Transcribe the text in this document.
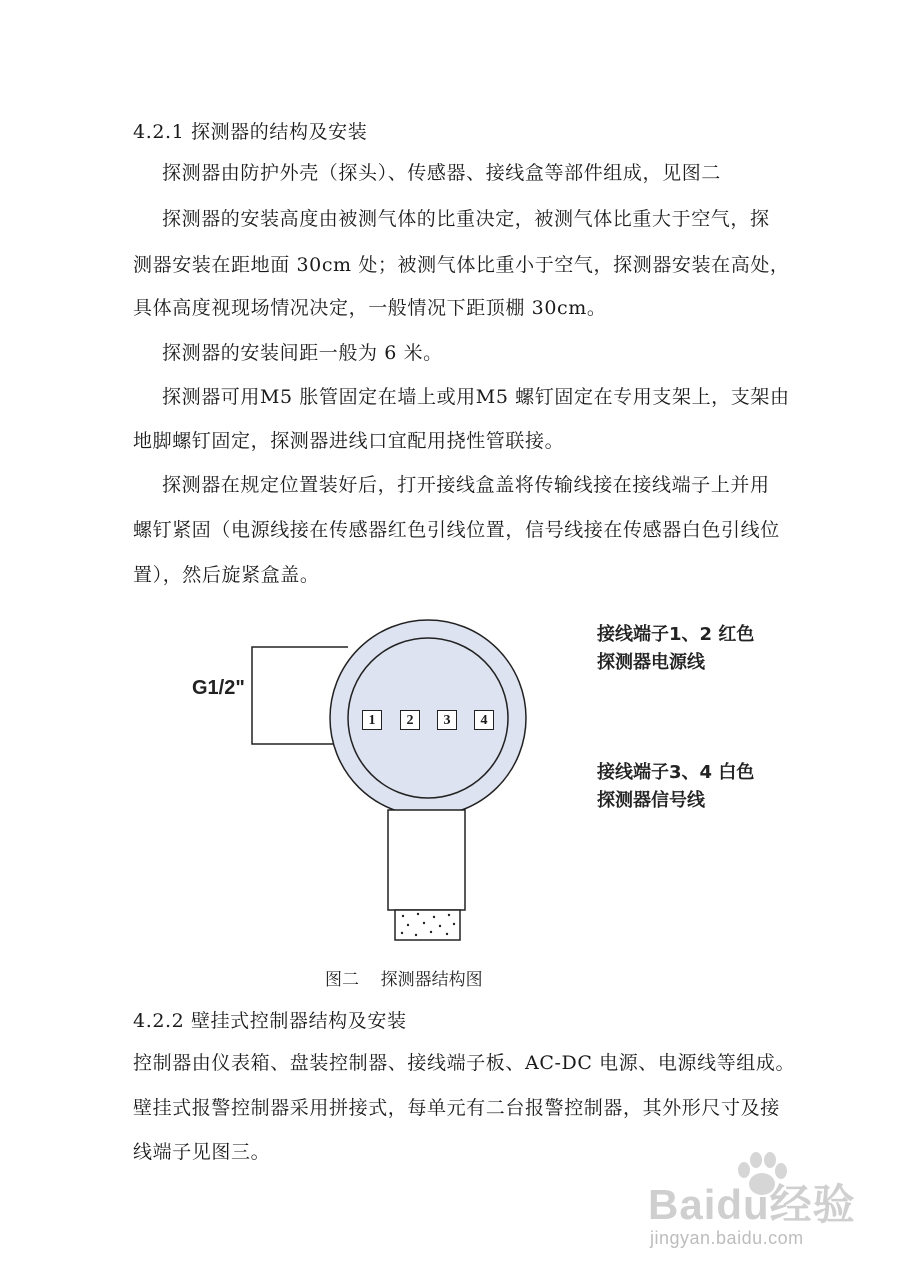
4.2.1 探测器的结构及安装
探测器由防护外壳（探头）、传感器、接线盒等部件组成，见图二
探测器的安装高度由被测气体的比重决定，被测气体比重大于空气，探
测器安装在距地面 30cm 处；被测气体比重小于空气，探测器安装在高处，
具体高度视现场情况决定，一般情况下距顶棚 30cm。
探测器的安装间距一般为 6 米。
探测器可用M5 胀管固定在墙上或用M5 螺钉固定在专用支架上，支架由
地脚螺钉固定，探测器进线口宜配用挠性管联接。
探测器在规定位置装好后，打开接线盒盖将传输线接在接线端子上并用
螺钉紧固（电源线接在传感器红色引线位置，信号线接在传感器白色引线位
置），然后旋紧盒盖。
G1/2"
1	2	3	4
接线端子1、2 红色
探测器电源线
接线端子3、4 白色
探测器信号线
图二    探测器结构图
4.2.2 壁挂式控制器结构及安装
控制器由仪表箱、盘装控制器、接线端子板、AC-DC 电源、电源线等组成。
壁挂式报警控制器采用拼接式，每单元有二台报警控制器，其外形尺寸及接
线端子见图三。
Baidu经验
jingyan.baidu.com
